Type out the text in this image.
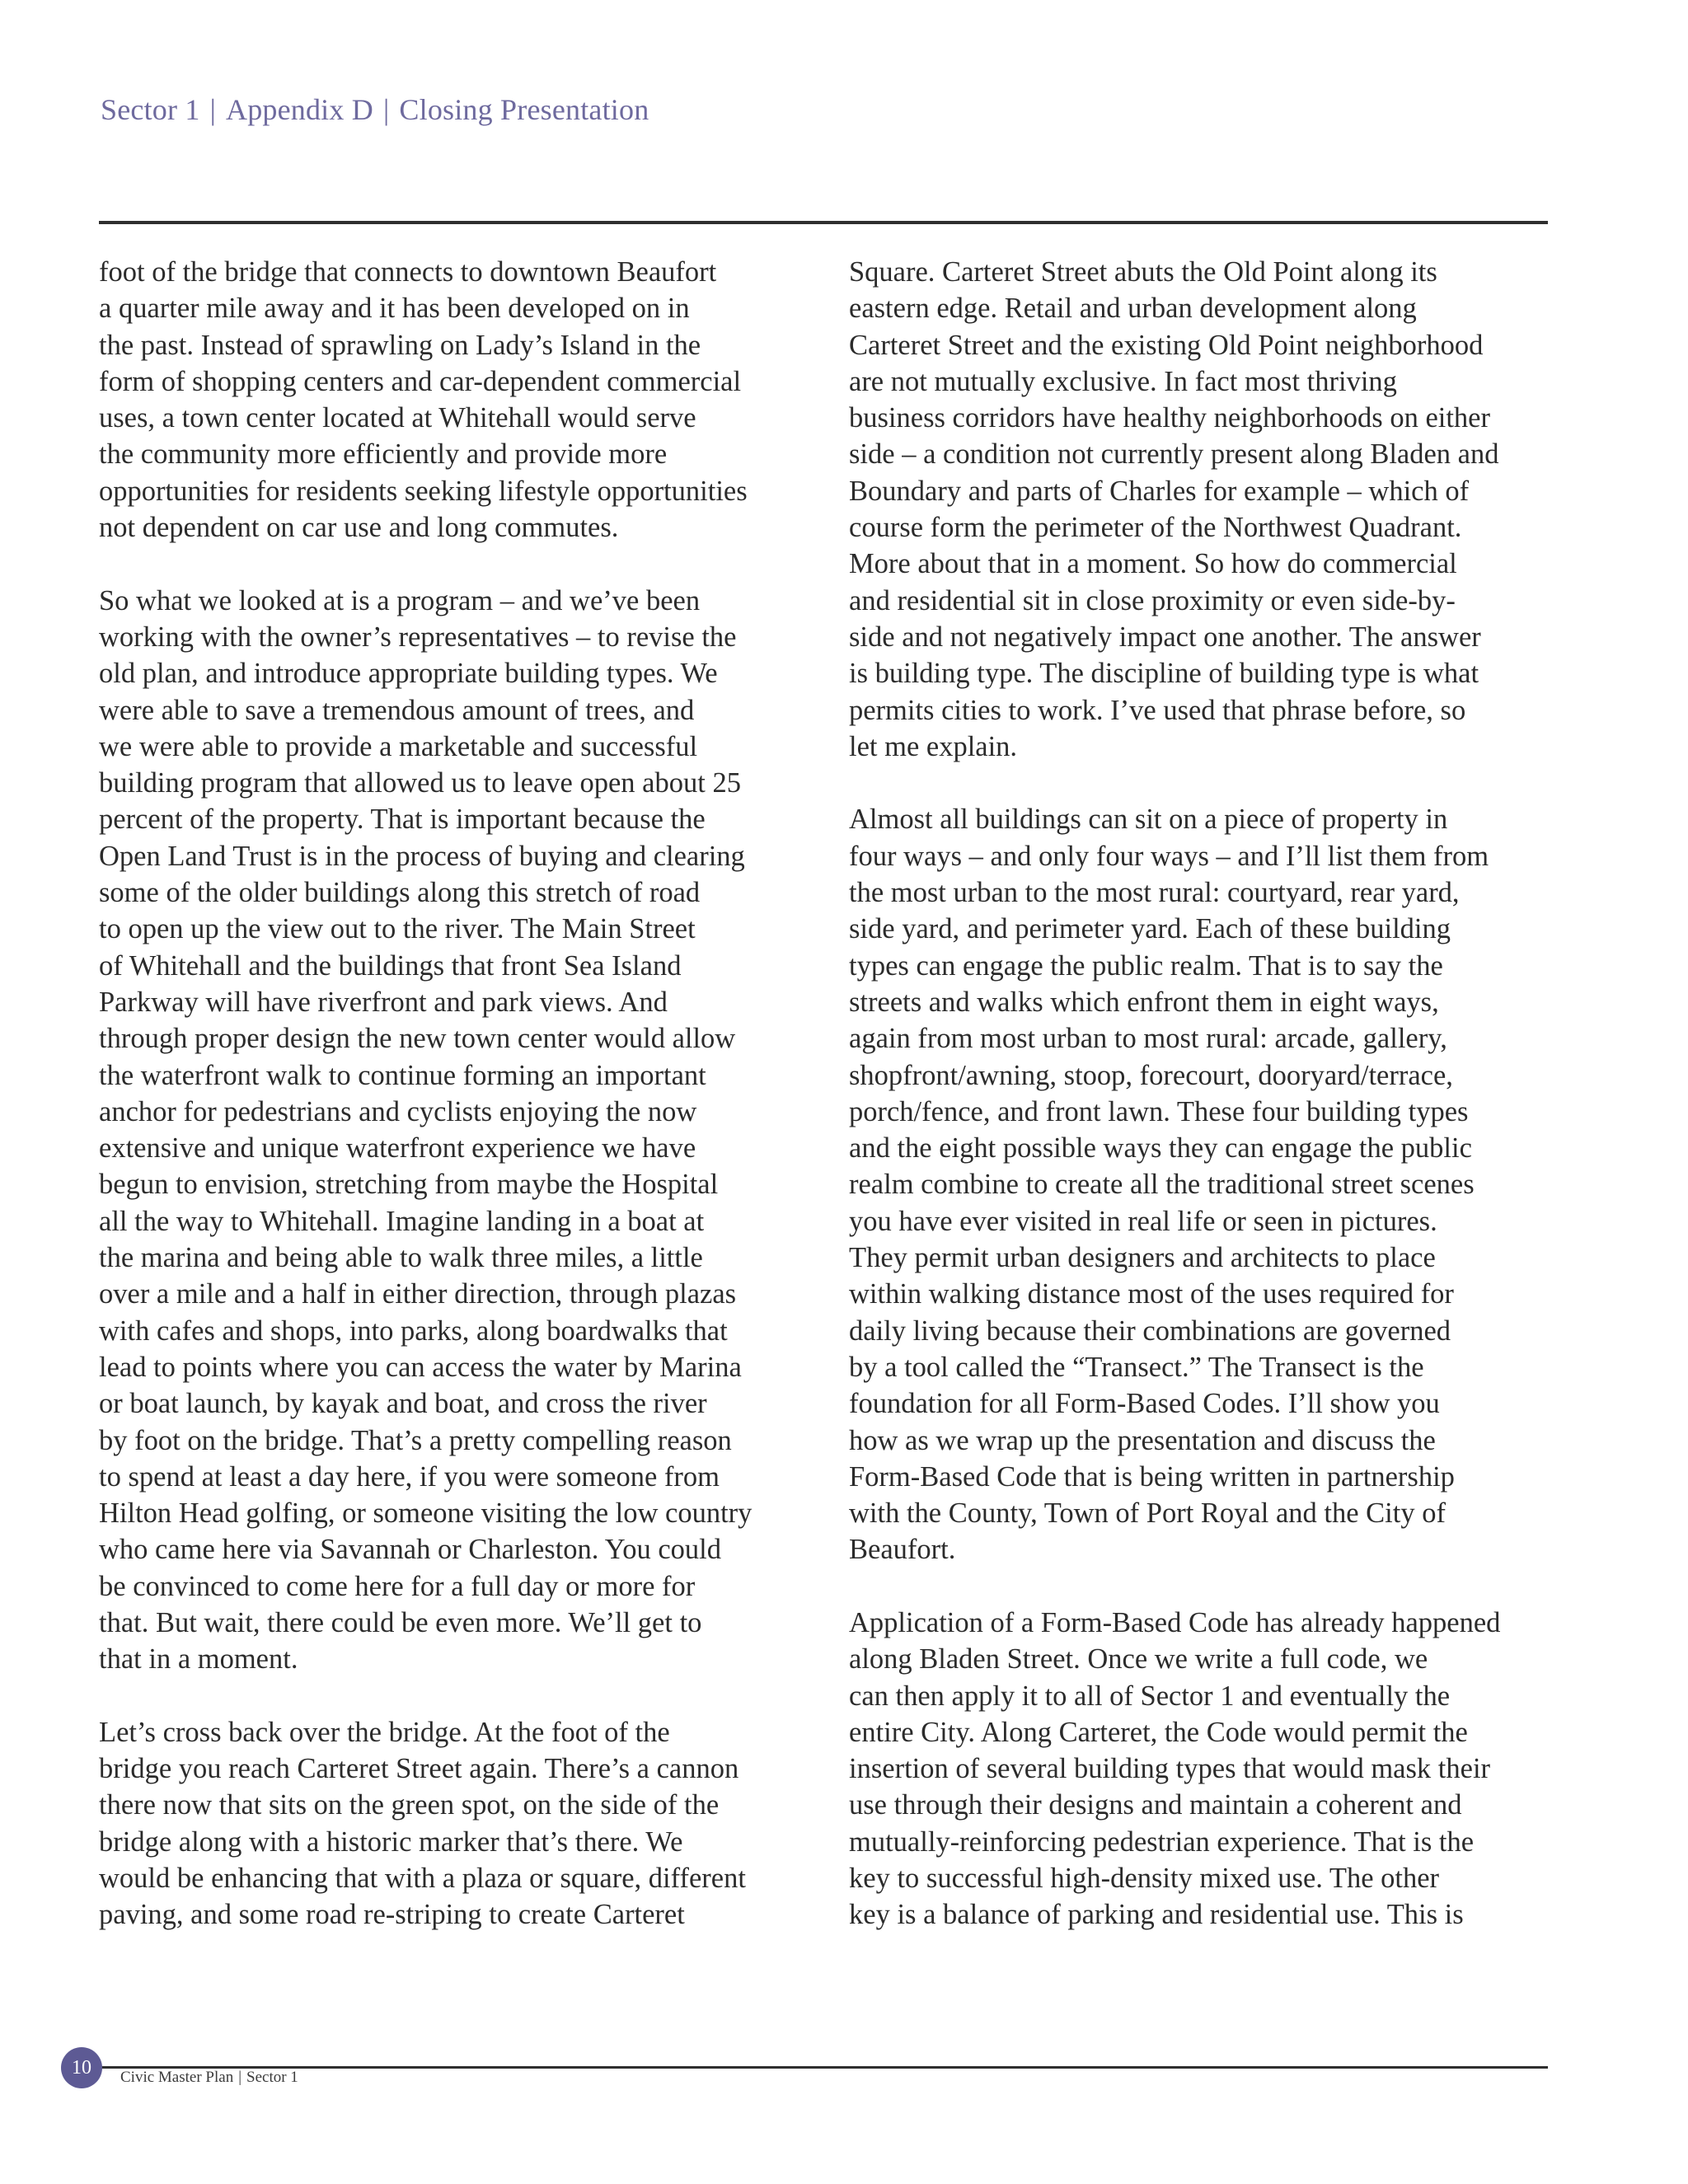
Sector 1 | Appendix D | Closing Presentation

foot of the bridge that connects to downtown Beaufort
a quarter mile away and it has been developed on in
the past. Instead of sprawling on Lady’s Island in the
form of shopping centers and car-dependent commercial
uses, a town center located at Whitehall would serve
the community more efficiently and provide more
opportunities for residents seeking lifestyle opportunities
not dependent on car use and long commutes.

So what we looked at is a program – and we’ve been
working with the owner’s representatives – to revise the
old plan, and introduce appropriate building types. We
were able to save a tremendous amount of trees, and
we were able to provide a marketable and successful
building program that allowed us to leave open about 25
percent of the property. That is important because the
Open Land Trust is in the process of buying and clearing
some of the older buildings along this stretch of road
to open up the view out to the river. The Main Street
of Whitehall and the buildings that front Sea Island
Parkway will have riverfront and park views. And
through proper design the new town center would allow
the waterfront walk to continue forming an important
anchor for pedestrians and cyclists enjoying the now
extensive and unique waterfront experience we have
begun to envision, stretching from maybe the Hospital
all the way to Whitehall. Imagine landing in a boat at
the marina and being able to walk three miles, a little
over a mile and a half in either direction, through plazas
with cafes and shops, into parks, along boardwalks that
lead to points where you can access the water by Marina
or boat launch, by kayak and boat, and cross the river
by foot on the bridge. That’s a pretty compelling reason
to spend at least a day here, if you were someone from
Hilton Head golfing, or someone visiting the low country
who came here via Savannah or Charleston. You could
be convinced to come here for a full day or more for
that. But wait, there could be even more. We’ll get to
that in a moment.

Let’s cross back over the bridge. At the foot of the
bridge you reach Carteret Street again. There’s a cannon
there now that sits on the green spot, on the side of the
bridge along with a historic marker that’s there. We
would be enhancing that with a plaza or square, different
paving, and some road re-striping to create Carteret

Square. Carteret Street abuts the Old Point along its
eastern edge. Retail and urban development along
Carteret Street and the existing Old Point neighborhood
are not mutually exclusive. In fact most thriving
business corridors have healthy neighborhoods on either
side – a condition not currently present along Bladen and
Boundary and parts of Charles for example – which of
course form the perimeter of the Northwest Quadrant.
More about that in a moment. So how do commercial
and residential sit in close proximity or even side-by-
side and not negatively impact one another. The answer
is building type. The discipline of building type is what
permits cities to work. I’ve used that phrase before, so
let me explain.

Almost all buildings can sit on a piece of property in
four ways – and only four ways – and I’ll list them from
the most urban to the most rural: courtyard, rear yard,
side yard, and perimeter yard. Each of these building
types can engage the public realm. That is to say the
streets and walks which enfront them in eight ways,
again from most urban to most rural: arcade, gallery,
shopfront/awning, stoop, forecourt, dooryard/terrace,
porch/fence, and front lawn. These four building types
and the eight possible ways they can engage the public
realm combine to create all the traditional street scenes
you have ever visited in real life or seen in pictures.
They permit urban designers and architects to place
within walking distance most of the uses required for
daily living because their combinations are governed
by a tool called the “Transect.” The Transect is the
foundation for all Form-Based Codes. I’ll show you
how as we wrap up the presentation and discuss the
Form-Based Code that is being written in partnership
with the County, Town of Port Royal and the City of
Beaufort.

Application of a Form-Based Code has already happened
along Bladen Street. Once we write a full code, we
can then apply it to all of Sector 1 and eventually the
entire City. Along Carteret, the Code would permit the
insertion of several building types that would mask their
use through their designs and maintain a coherent and
mutually-reinforcing pedestrian experience. That is the
key to successful high-density mixed use. The other
key is a balance of parking and residential use. This is

10	Civic Master Plan | Sector 1
